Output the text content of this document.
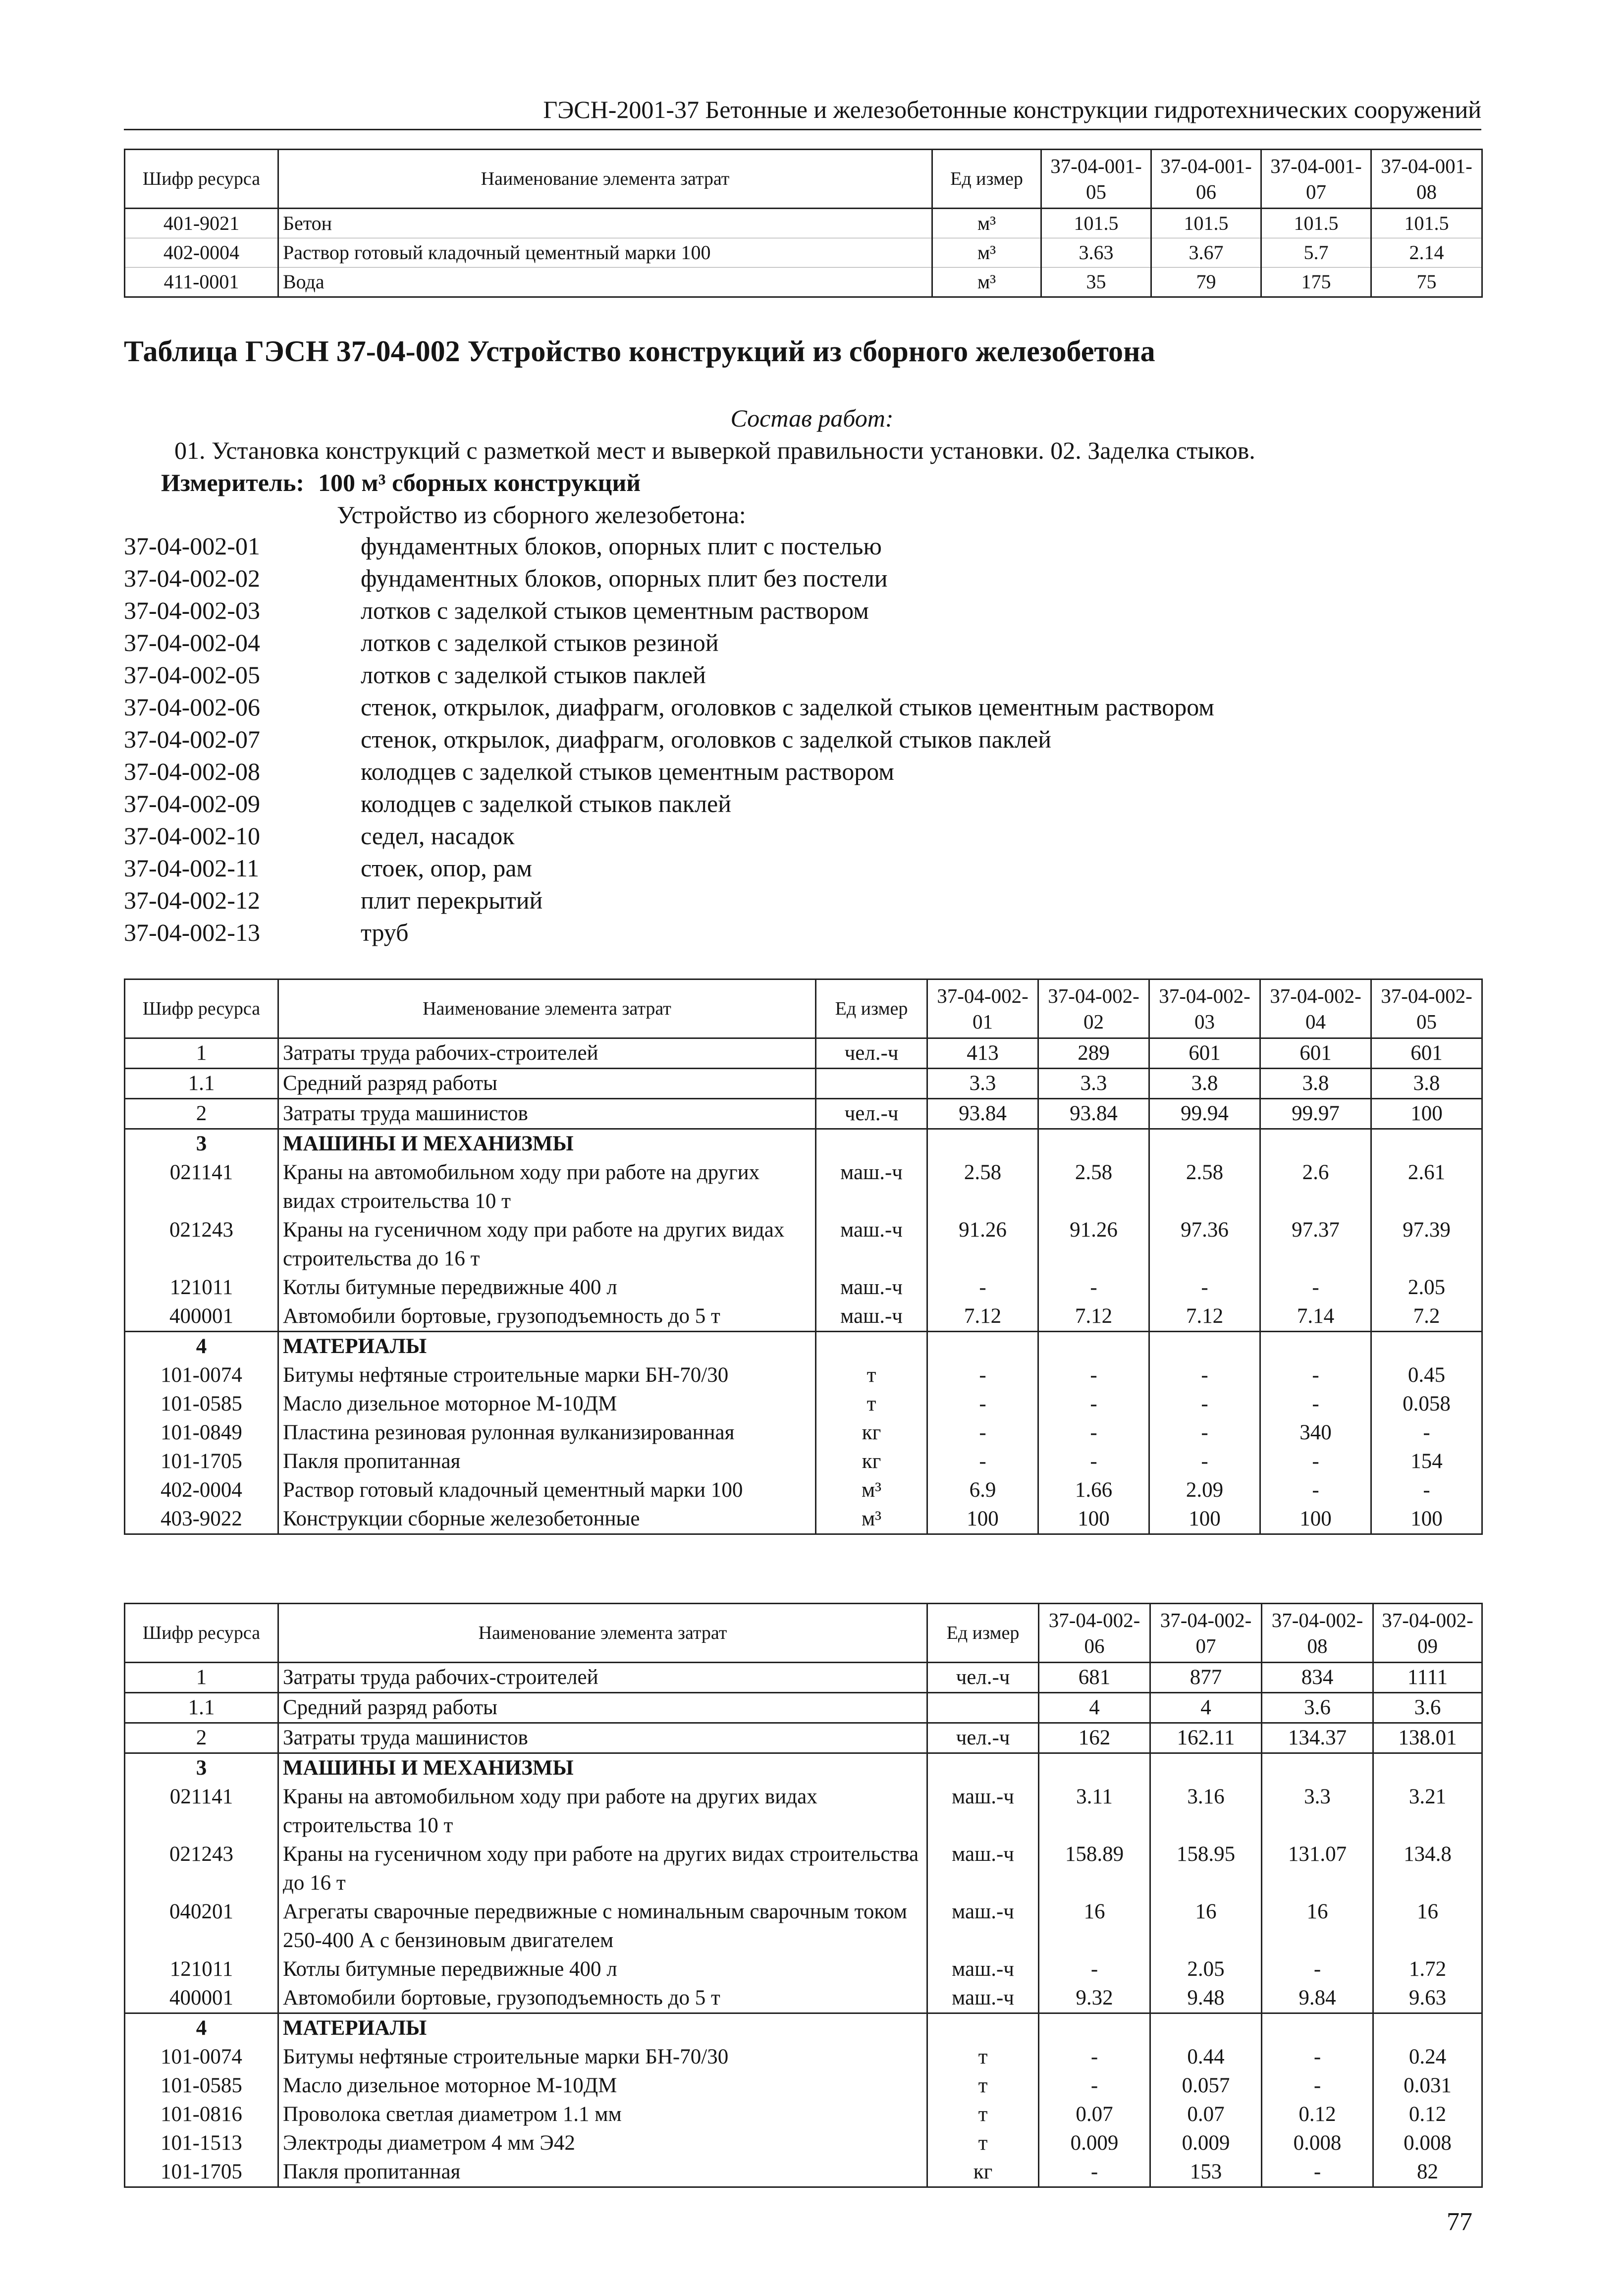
ГЭСН-2001-37 Бетонные и железобетонные конструкции гидротехнических сооружений
Шифр ресурса	Наименование элемента затрат	Ед измер	37-04-001-05	37-04-001-06	37-04-001-07	37-04-001-08
401-9021	Бетон	м³	101.5	101.5	101.5	101.5
402-0004	Раствор готовый кладочный цементный марки 100	м³	3.63	3.67	5.7	2.14
411-0001	Вода	м³	35	79	175	75
Таблица ГЭСН 37-04-002 Устройство конструкций из сборного железобетона
Состав работ:
01. Установка конструкций с разметкой мест и выверкой правильности установки. 02. Заделка стыков.
Измеритель: 100 м³ сборных конструкций
Устройство из сборного железобетона:
37-04-002-01	фундаментных блоков, опорных плит с постелью
37-04-002-02	фундаментных блоков, опорных плит без постели
37-04-002-03	лотков с заделкой стыков цементным раствором
37-04-002-04	лотков с заделкой стыков резиной
37-04-002-05	лотков с заделкой стыков паклей
37-04-002-06	стенок, открылок, диафрагм, оголовков с заделкой стыков цементным раствором
37-04-002-07	стенок, открылок, диафрагм, оголовков с заделкой стыков паклей
37-04-002-08	колодцев с заделкой стыков цементным раствором
37-04-002-09	колодцев с заделкой стыков паклей
37-04-002-10	седел, насадок
37-04-002-11	стоек, опор, рам
37-04-002-12	плит перекрытий
37-04-002-13	труб
Шифр ресурса	Наименование элемента затрат	Ед измер	37-04-002-01	37-04-002-02	37-04-002-03	37-04-002-04	37-04-002-05
1	Затраты труда рабочих-строителей	чел.-ч	413	289	601	601	601
1.1	Средний разряд работы		3.3	3.3	3.8	3.8	3.8
2	Затраты труда машинистов	чел.-ч	93.84	93.84	99.94	99.97	100
3	МАШИНЫ И МЕХАНИЗМЫ						
021141	Краны на автомобильном ходу при работе на других видах строительства 10 т	маш.-ч	2.58	2.58	2.58	2.6	2.61
021243	Краны на гусеничном ходу при работе на других видах строительства до 16 т	маш.-ч	91.26	91.26	97.36	97.37	97.39
121011	Котлы битумные передвижные 400 л	маш.-ч	-	-	-	-	2.05
400001	Автомобили бортовые, грузоподъемность до 5 т	маш.-ч	7.12	7.12	7.12	7.14	7.2
4	МАТЕРИАЛЫ						
101-0074	Битумы нефтяные строительные марки БН-70/30	т	-	-	-	-	0.45
101-0585	Масло дизельное моторное М-10ДМ	т	-	-	-	-	0.058
101-0849	Пластина резиновая рулонная вулканизированная	кг	-	-	-	340	-
101-1705	Пакля пропитанная	кг	-	-	-	-	154
402-0004	Раствор готовый кладочный цементный марки 100	м³	6.9	1.66	2.09	-	-
403-9022	Конструкции сборные железобетонные	м³	100	100	100	100	100
Шифр ресурса	Наименование элемента затрат	Ед измер	37-04-002-06	37-04-002-07	37-04-002-08	37-04-002-09
1	Затраты труда рабочих-строителей	чел.-ч	681	877	834	1111
1.1	Средний разряд работы		4	4	3.6	3.6
2	Затраты труда машинистов	чел.-ч	162	162.11	134.37	138.01
3	МАШИНЫ И МЕХАНИЗМЫ					
021141	Краны на автомобильном ходу при работе на других видах строительства 10 т	маш.-ч	3.11	3.16	3.3	3.21
021243	Краны на гусеничном ходу при работе на других видах строительства до 16 т	маш.-ч	158.89	158.95	131.07	134.8
040201	Агрегаты сварочные передвижные с номинальным сварочным током 250-400 А с бензиновым двигателем	маш.-ч	16	16	16	16
121011	Котлы битумные передвижные 400 л	маш.-ч	-	2.05	-	1.72
400001	Автомобили бортовые, грузоподъемность до 5 т	маш.-ч	9.32	9.48	9.84	9.63
4	МАТЕРИАЛЫ					
101-0074	Битумы нефтяные строительные марки БН-70/30	т	-	0.44	-	0.24
101-0585	Масло дизельное моторное М-10ДМ	т	-	0.057	-	0.031
101-0816	Проволока светлая диаметром 1.1 мм	т	0.07	0.07	0.12	0.12
101-1513	Электроды диаметром 4 мм Э42	т	0.009	0.009	0.008	0.008
101-1705	Пакля пропитанная	кг	-	153	-	82
77
